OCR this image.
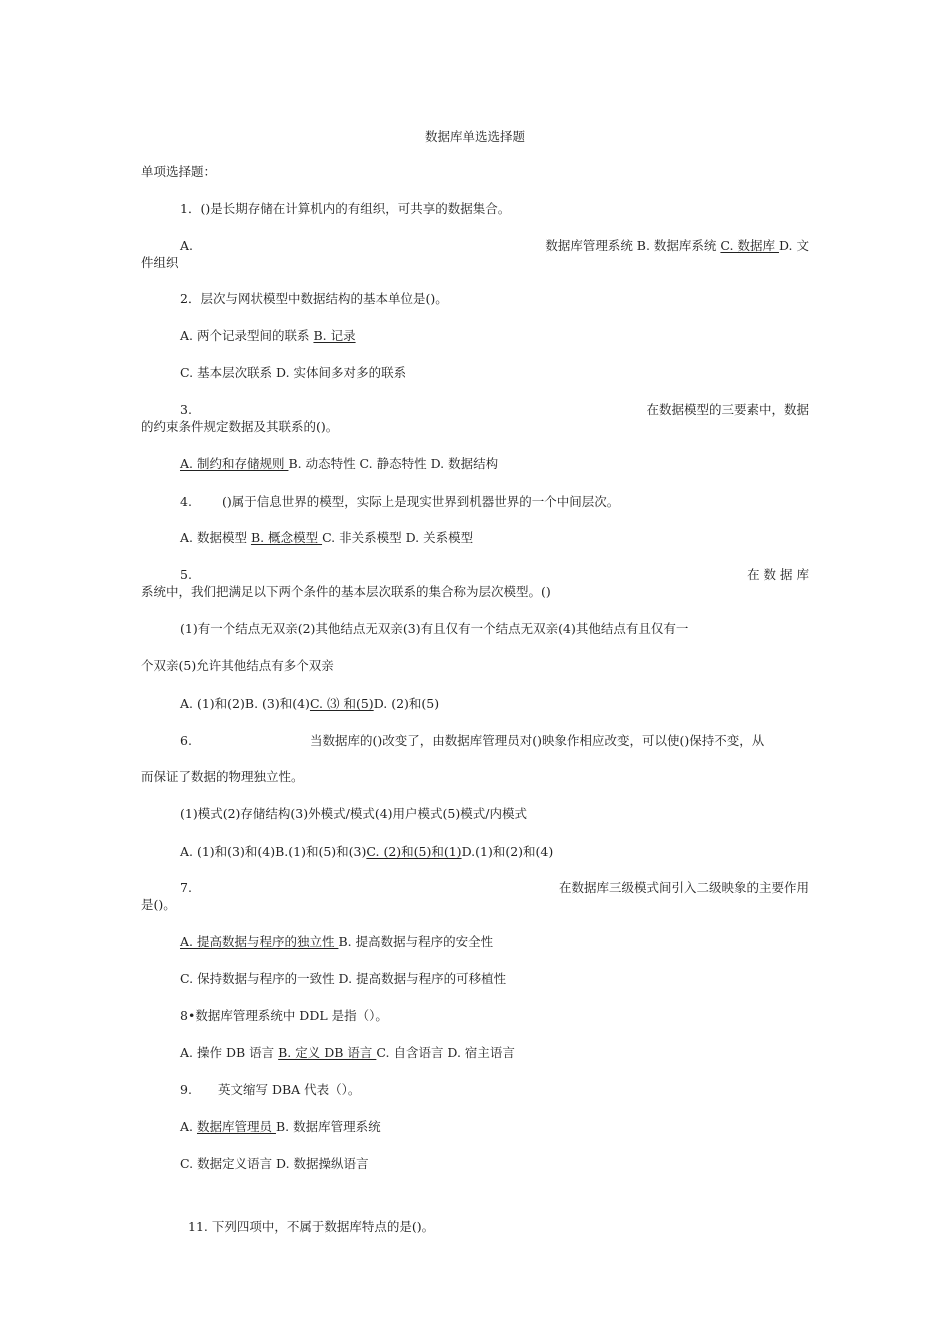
数据库单选选择题
单项选择题：
1．()是长期存储在计算机内的有组织，可共享的数据集合。
A.	数据库管理系统 B. 数据库系统 C. 数据库 D. 文
件组织
2．层次与网状模型中数据结构的基本单位是()。
A. 两个记录型间的联系 B. 记录
C. 基本层次联系 D. 实体间多对多的联系
3.	在数据模型的三要素中，数据
的约束条件规定数据及其联系的()。
A. 制约和存储规则 B. 动态特性 C. 静态特性 D. 数据结构
4. ()属于信息世界的模型，实际上是现实世界到机器世界的一个中间层次。
A. 数据模型 B. 概念模型 C. 非关系模型 D. 关系模型
5.	在 数 据 库
系统中，我们把满足以下两个条件的基本层次联系的集合称为层次模型。()
(1)有一个结点无双亲(2)其他结点无双亲(3)有且仅有一个结点无双亲(4)其他结点有且仅有一
个双亲(5)允许其他结点有多个双亲
A. (1)和(2)B. (3)和(4)C. ⑶ 和(5)D. (2)和(5)
6.	当数据库的()改变了，由数据库管理员对()映象作相应改变，可以使()保持不变，从
而保证了数据的物理独立性。
(1)模式(2)存储结构(3)外模式/模式(4)用户模式(5)模式/内模式
A. (1)和(3)和(4)B.(1)和(5)和(3)C. (2)和(5)和(1)D.(1)和(2)和(4)
7.	在数据库三级模式间引入二级映象的主要作用
是()。
A. 提高数据与程序的独立性 B. 提高数据与程序的安全性
C. 保持数据与程序的一致性 D. 提高数据与程序的可移植性
8•数据库管理系统中 DDL 是指（）。
A. 操作 DB 语言 B. 定义 DB 语言 C. 自含语言 D. 宿主语言
9. 英文缩写 DBA 代表（）。
A. 数据库管理员 B. 数据库管理系统
C. 数据定义语言 D. 数据操纵语言
11. 下列四项中，不属于数据库特点的是()。
